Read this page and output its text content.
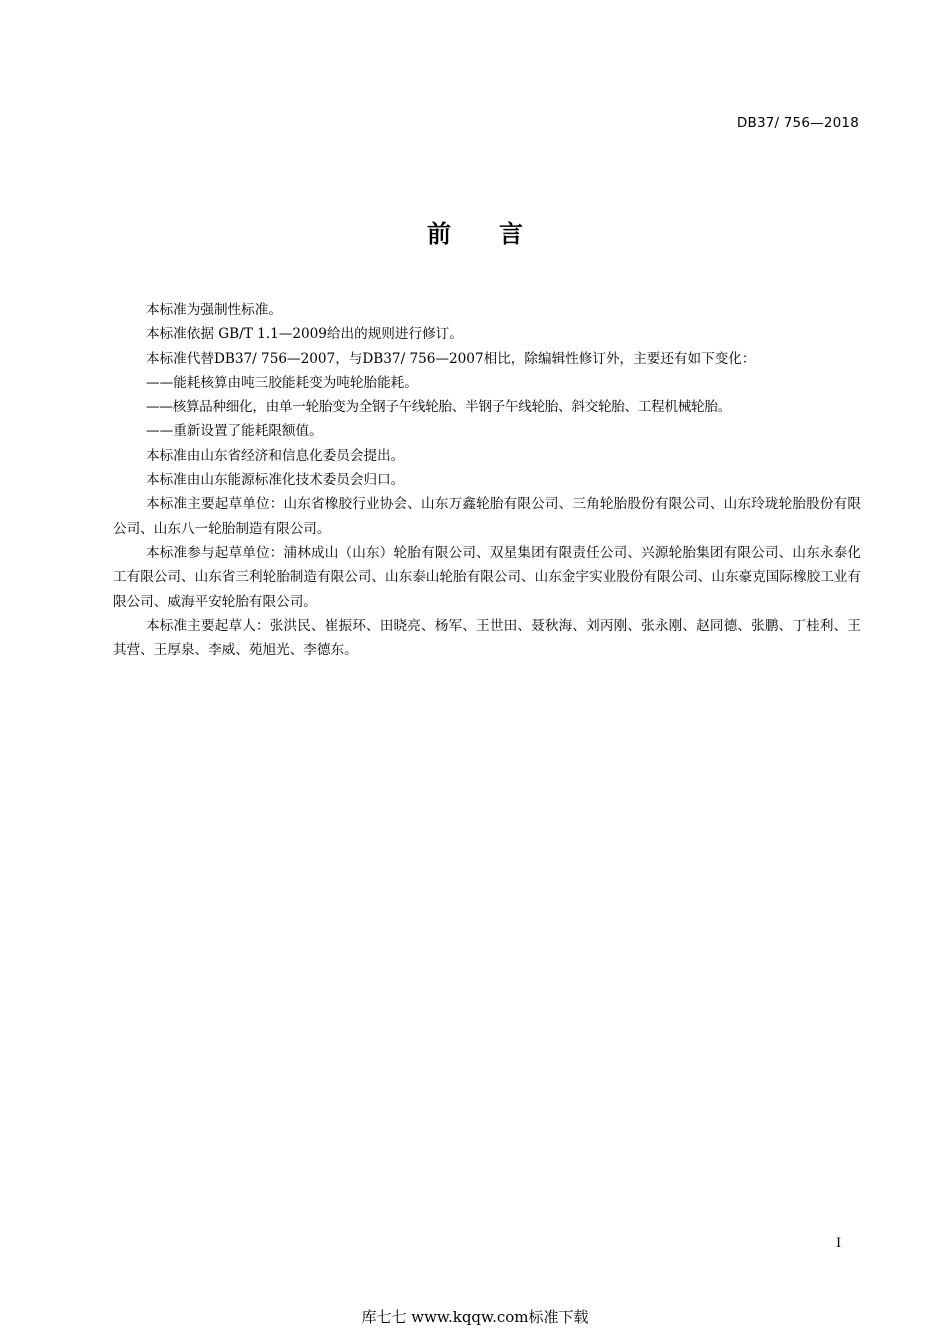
DB37/ 756—2018
前言

本标准为强制性标准。

本标准依据 GB/T 1.1—2009给出的规则进行修订。

本标准代替DB37/ 756—2007，与DB37/ 756—2007相比，除编辑性修订外，主要还有如下变化：

——能耗核算由吨三胶能耗变为吨轮胎能耗。

——核算品种细化，由单一轮胎变为全钢子午线轮胎、半钢子午线轮胎、斜交轮胎、工程机械轮胎。

——重新设置了能耗限额值。

本标准由山东省经济和信息化委员会提出。

本标准由山东能源标准化技术委员会归口。

本标准主要起草单位：山东省橡胶行业协会、山东万鑫轮胎有限公司、三角轮胎股份有限公司、山东玲珑轮胎股份有限公司、山东八一轮胎制造有限公司。

本标准参与起草单位：浦林成山（山东）轮胎有限公司、双星集团有限责任公司、兴源轮胎集团有限公司、山东永泰化工有限公司、山东省三利轮胎制造有限公司、山东泰山轮胎有限公司、山东金宇实业股份有限公司、山东豪克国际橡胶工业有限公司、威海平安轮胎有限公司。

本标准主要起草人：张洪民、崔振环、田晓亮、杨军、王世田、聂秋海、刘丙刚、张永刚、赵同德、张鹏、丁桂利、王其营、王厚泉、李威、苑旭光、李德东。

I
库七七 www.kqqw.com标准下载
